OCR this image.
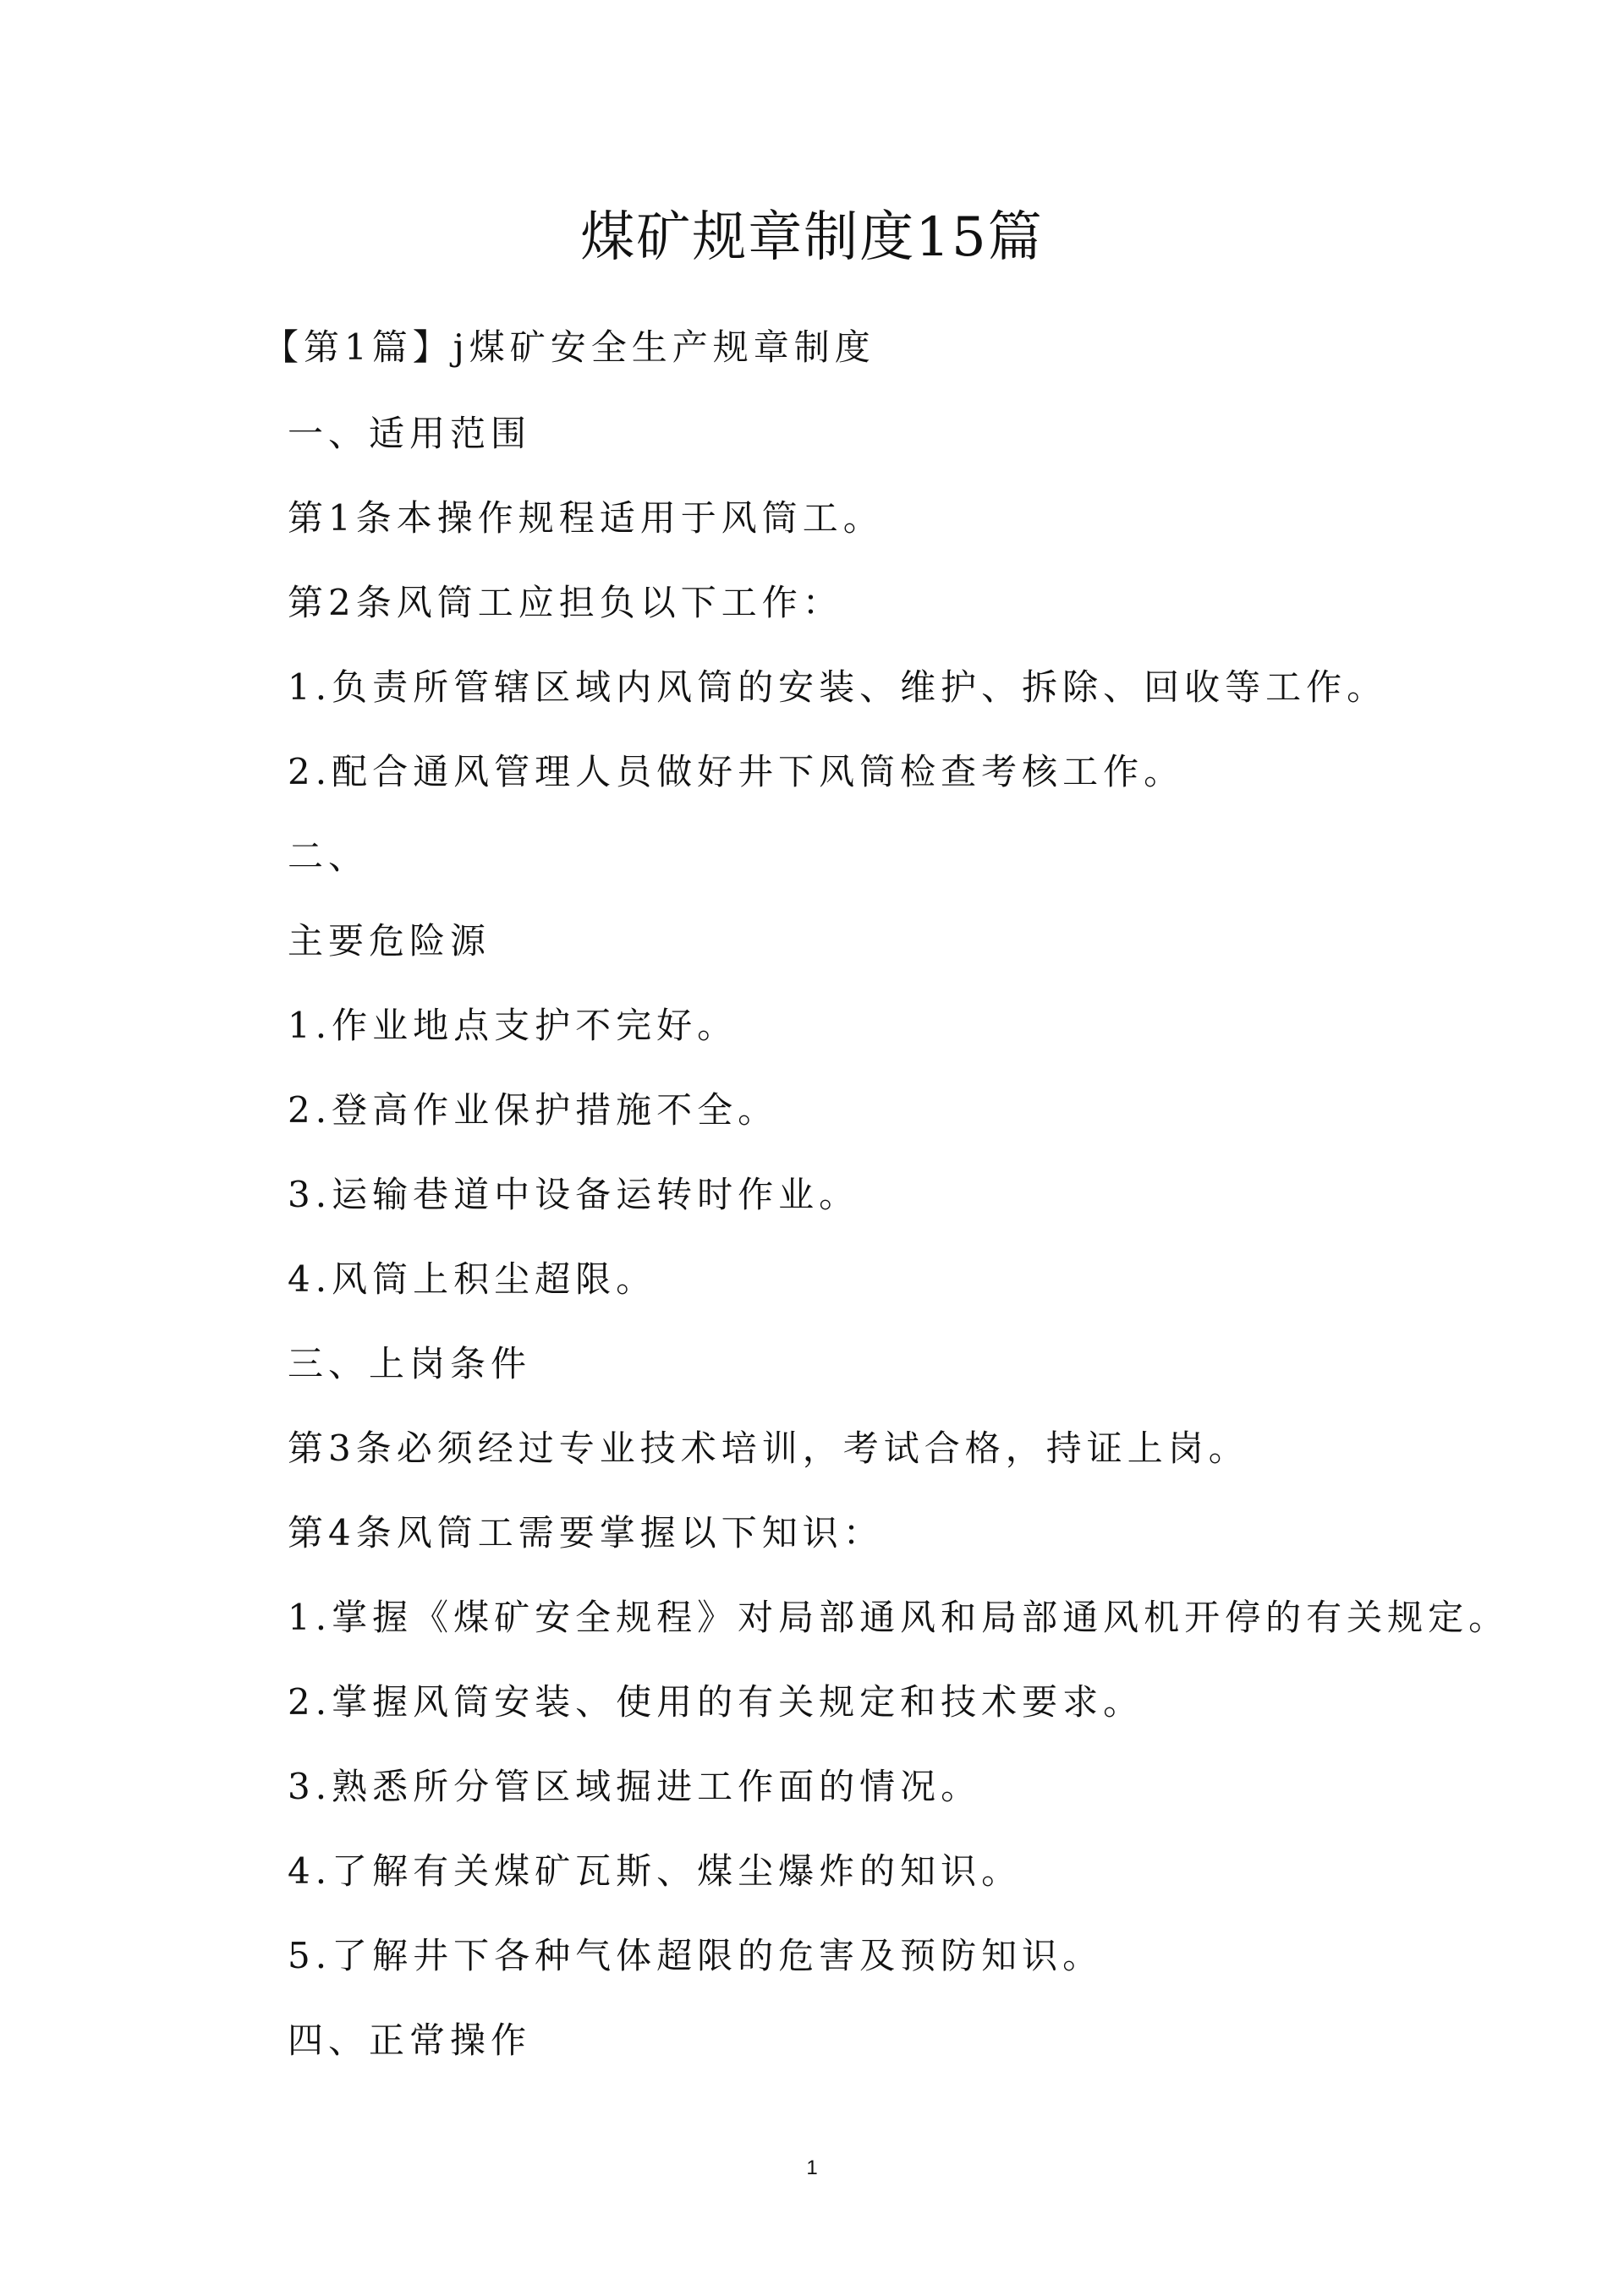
煤矿规章制度15篇

【第1篇】j煤矿安全生产规章制度

一、适用范围
第1条本操作规程适用于风筒工。
第2条风筒工应担负以下工作：
1.负责所管辖区域内风筒的安装、维护、拆除、回收等工作。
2.配合通风管理人员做好井下风筒检查考核工作。
二、
主要危险源
1.作业地点支护不完好。
2.登高作业保护措施不全。
3.运输巷道中设备运转时作业。
4.风筒上积尘超限。
三、上岗条件
第3条必须经过专业技术培训，考试合格，持证上岗。
第4条风筒工需要掌握以下知识：
1.掌握《煤矿安全规程》对局部通风和局部通风机开停的有关规定。
2.掌握风筒安装、使用的有关规定和技术要求。
3.熟悉所分管区域掘进工作面的情况。
4.了解有关煤矿瓦斯、煤尘爆炸的知识。
5.了解井下各种气体超限的危害及预防知识。
四、正常操作
1
